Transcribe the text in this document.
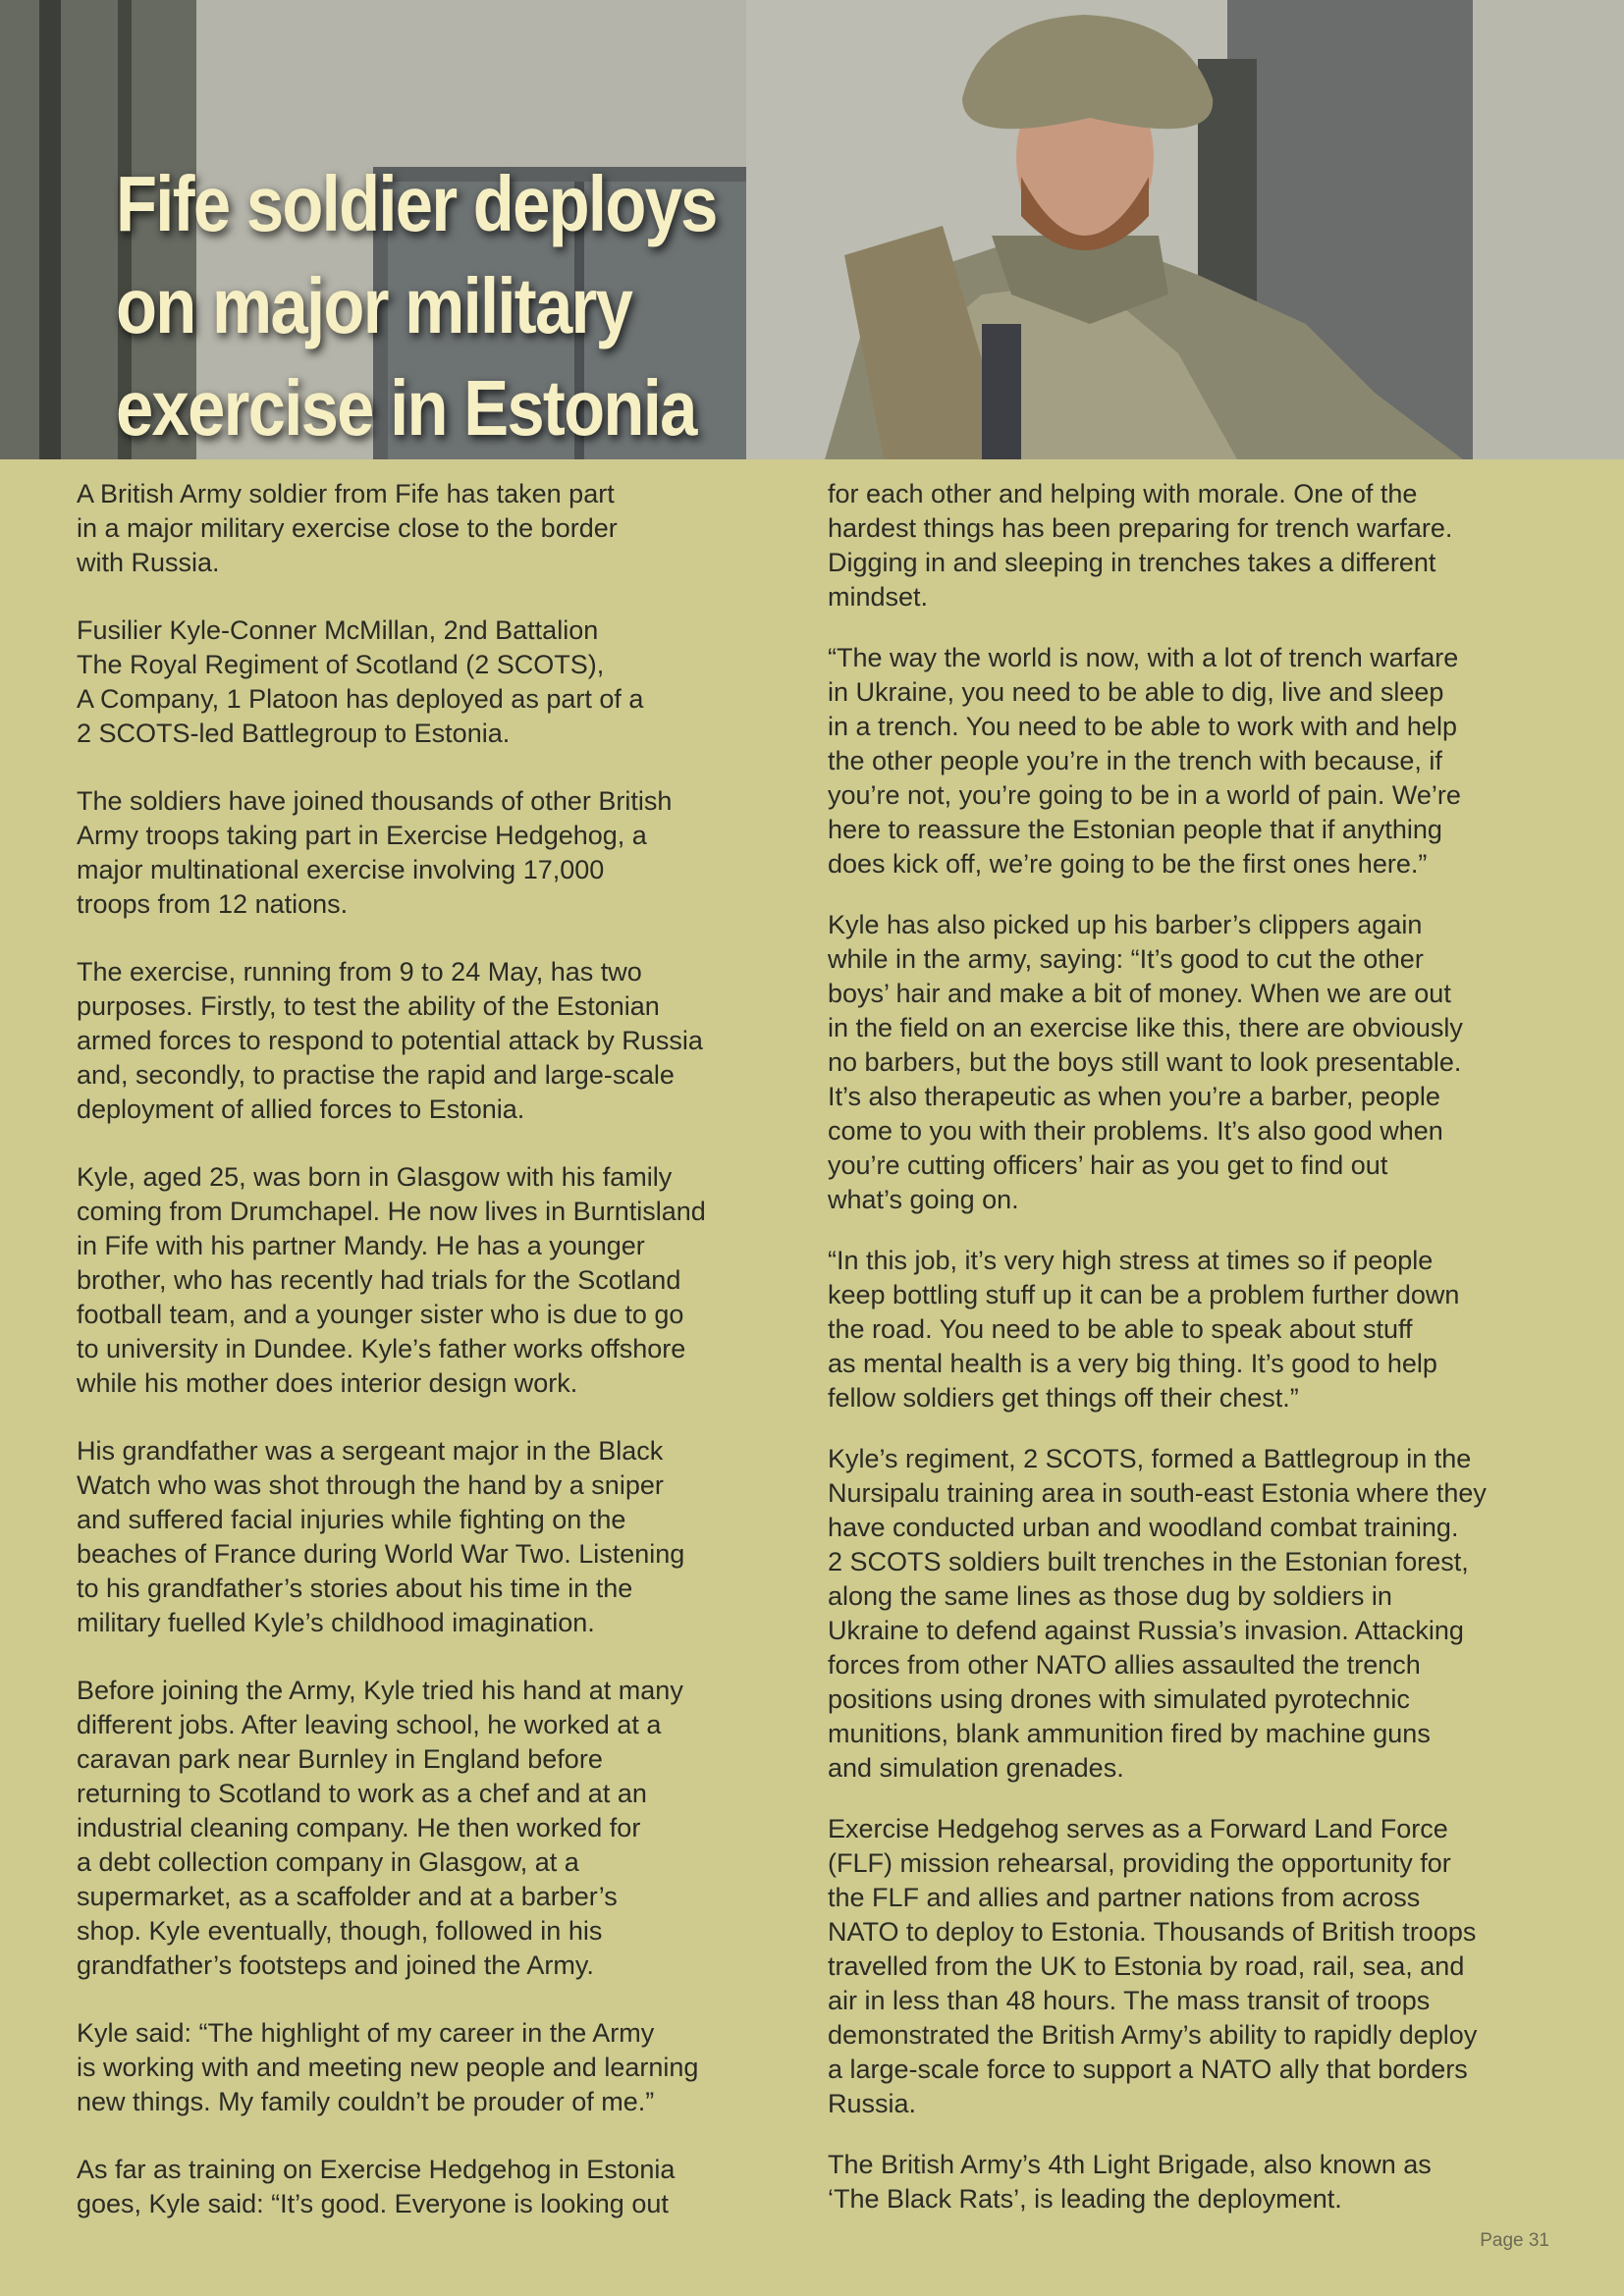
Fife soldier deploys on major military exercise in Estonia

A British Army soldier from Fife has taken part
in a major military exercise close to the border
with Russia.

Fusilier Kyle-Conner McMillan, 2nd Battalion
The Royal Regiment of Scotland (2 SCOTS),
A Company, 1 Platoon has deployed as part of a
2 SCOTS-led Battlegroup to Estonia.

The soldiers have joined thousands of other British
Army troops taking part in Exercise Hedgehog, a
major multinational exercise involving 17,000
troops from 12 nations.

The exercise, running from 9 to 24 May, has two
purposes. Firstly, to test the ability of the Estonian
armed forces to respond to potential attack by Russia
and, secondly, to practise the rapid and large-scale
deployment of allied forces to Estonia.

Kyle, aged 25, was born in Glasgow with his family
coming from Drumchapel. He now lives in Burntisland
in Fife with his partner Mandy. He has a younger
brother, who has recently had trials for the Scotland
football team, and a younger sister who is due to go
to university in Dundee. Kyle’s father works offshore
while his mother does interior design work.

His grandfather was a sergeant major in the Black
Watch who was shot through the hand by a sniper
and suffered facial injuries while fighting on the
beaches of France during World War Two. Listening
to his grandfather’s stories about his time in the
military fuelled Kyle’s childhood imagination.

Before joining the Army, Kyle tried his hand at many
different jobs. After leaving school, he worked at a
caravan park near Burnley in England before
returning to Scotland to work as a chef and at an
industrial cleaning company. He then worked for
a debt collection company in Glasgow, at a
supermarket, as a scaffolder and at a barber’s
shop. Kyle eventually, though, followed in his
grandfather’s footsteps and joined the Army.

Kyle said: “The highlight of my career in the Army
is working with and meeting new people and learning
new things. My family couldn’t be prouder of me.”

As far as training on Exercise Hedgehog in Estonia
goes, Kyle said: “It’s good. Everyone is looking out

for each other and helping with morale. One of the
hardest things has been preparing for trench warfare.
Digging in and sleeping in trenches takes a different
mindset.

“The way the world is now, with a lot of trench warfare
in Ukraine, you need to be able to dig, live and sleep
in a trench. You need to be able to work with and help
the other people you’re in the trench with because, if
you’re not, you’re going to be in a world of pain. We’re
here to reassure the Estonian people that if anything
does kick off, we’re going to be the first ones here.”

Kyle has also picked up his barber’s clippers again
while in the army, saying: “It’s good to cut the other
boys’ hair and make a bit of money. When we are out
in the field on an exercise like this, there are obviously
no barbers, but the boys still want to look presentable.
It’s also therapeutic as when you’re a barber, people
come to you with their problems. It’s also good when
you’re cutting officers’ hair as you get to find out
what’s going on.

“In this job, it’s very high stress at times so if people
keep bottling stuff up it can be a problem further down
the road. You need to be able to speak about stuff
as mental health is a very big thing. It’s good to help
fellow soldiers get things off their chest.”

Kyle’s regiment, 2 SCOTS, formed a Battlegroup in the
Nursipalu training area in south-east Estonia where they
have conducted urban and woodland combat training.
2 SCOTS soldiers built trenches in the Estonian forest,
along the same lines as those dug by soldiers in
Ukraine to defend against Russia’s invasion. Attacking
forces from other NATO allies assaulted the trench
positions using drones with simulated pyrotechnic
munitions, blank ammunition fired by machine guns
and simulation grenades.

Exercise Hedgehog serves as a Forward Land Force
(FLF) mission rehearsal, providing the opportunity for
the FLF and allies and partner nations from across
NATO to deploy to Estonia. Thousands of British troops
travelled from the UK to Estonia by road, rail, sea, and
air in less than 48 hours. The mass transit of troops
demonstrated the British Army’s ability to rapidly deploy
a large-scale force to support a NATO ally that borders
Russia.

The British Army’s 4th Light Brigade, also known as
‘The Black Rats’, is leading the deployment.

Page 31
